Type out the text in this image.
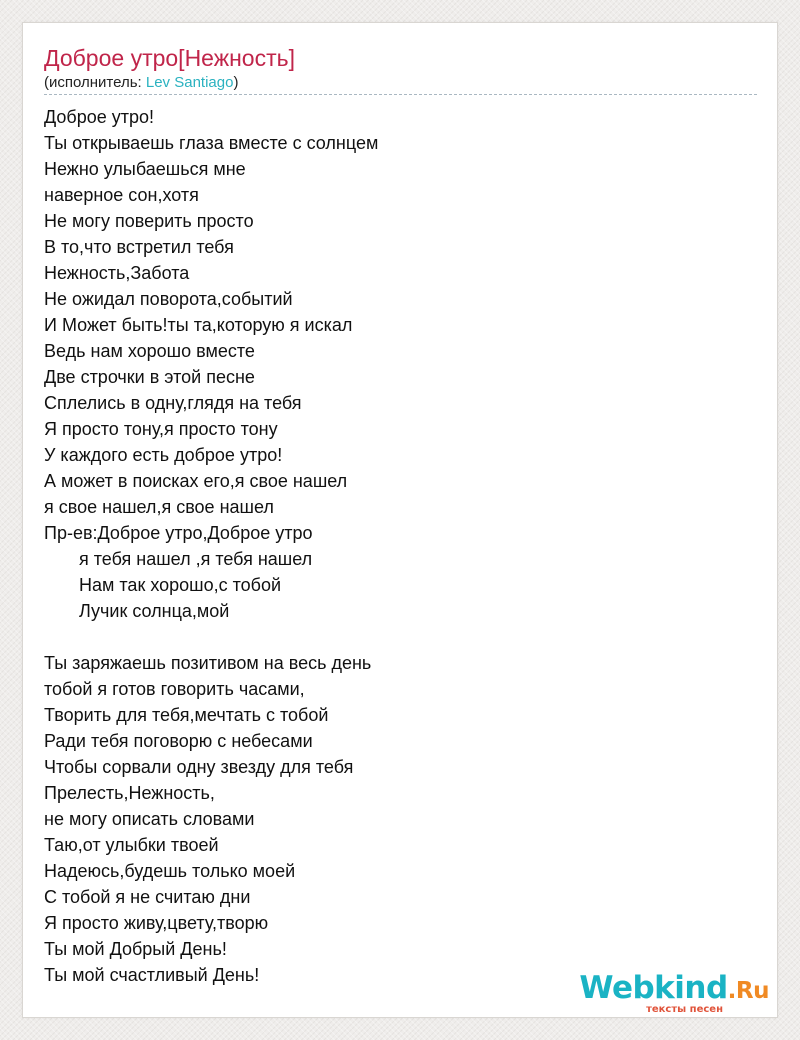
Доброе утро[Нежность]
(исполнитель: Lev Santiago)
Доброе утро!
Ты открываешь глаза вместе с солнцем
Нежно улыбаешься мне
наверное сон,хотя
Не могу поверить просто
В то,что встретил тебя
Нежность,Забота
Не ожидал поворота,событий
И Может быть!ты та,которую я искал
Ведь нам хорошо вместе
Две строчки в этой песне
Сплелись в одну,глядя на тебя
Я просто тону,я просто тону
У каждого есть доброе утро!
А может в поисках его,я свое нашел
я свое нашел,я свое нашел
Пр-ев:Доброе утро,Доброе утро
я тебя нашел ,я тебя нашел
Нам так хорошо,с тобой
Лучик солнца,мой
Ты заряжаешь позитивом на весь день
тобой я готов говорить часами,
Творить для тебя,мечтать с тобой
Ради тебя поговорю с небесами
Чтобы сорвали одну звезду для тебя
Прелесть,Нежность,
не могу описать словами
Таю,от улыбки твоей
Надеюсь,будешь только моей
С тобой я не считаю дни
Я просто живу,цвету,творю
Ты мой Добрый День!
Ты мой счастливый День!	Webkind.Ru
тексты песен
